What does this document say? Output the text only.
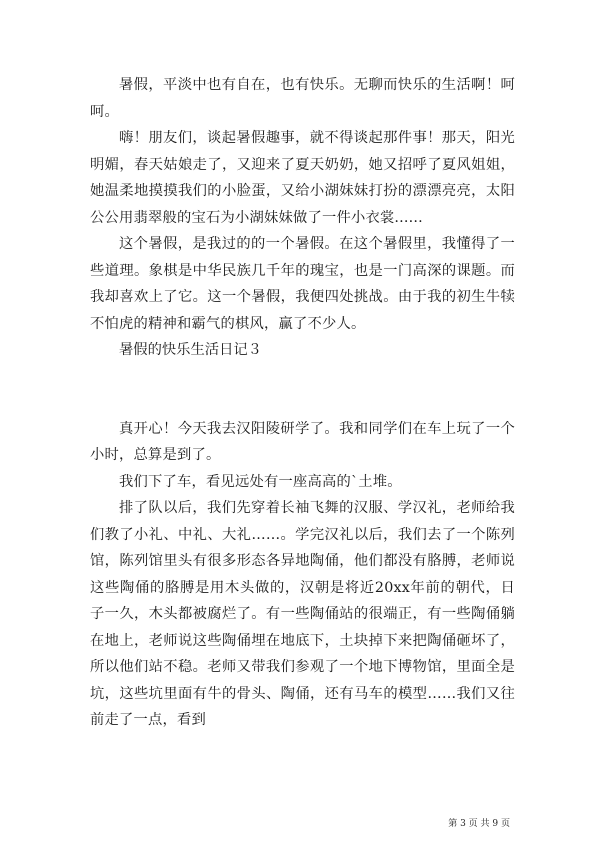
暑假，平淡中也有自在，也有快乐。无聊而快乐的生活啊！呵呵。

嗨！朋友们，谈起暑假趣事，就不得谈起那件事！那天，阳光明媚，春天姑娘走了，又迎来了夏天奶奶，她又招呼了夏风姐姐，她温柔地摸摸我们的小脸蛋，又给小湖妹妹打扮的漂漂亮亮，太阳公公用翡翠般的宝石为小湖妹妹做了一件小衣裳......

这个暑假，是我过的的一个暑假。在这个暑假里，我懂得了一些道理。象棋是中华民族几千年的瑰宝，也是一门高深的课题。而我却喜欢上了它。这一个暑假，我便四处挑战。由于我的初生牛犊不怕虎的精神和霸气的棋风，赢了不少人。

暑假的快乐生活日记３

真开心！今天我去汉阳陵研学了。我和同学们在车上玩了一个小时，总算是到了。

我们下了车，看见远处有一座高高的`土堆。

排了队以后，我们先穿着长袖飞舞的汉服、学汉礼，老师给我们教了小礼、中礼、大礼……。学完汉礼以后，我们去了一个陈列馆，陈列馆里头有很多形态各异地陶俑，他们都没有胳膊，老师说这些陶俑的胳膊是用木头做的，汉朝是将近20xx年前的朝代，日子一久，木头都被腐烂了。有一些陶俑站的很端正，有一些陶俑躺在地上，老师说这些陶俑埋在地底下，土块掉下来把陶俑砸坏了，所以他们站不稳。老师又带我们参观了一个地下博物馆，里面全是坑，这些坑里面有牛的骨头、陶俑，还有马车的模型……我们又往前走了一点，看到

第 3 页 共 9 页
